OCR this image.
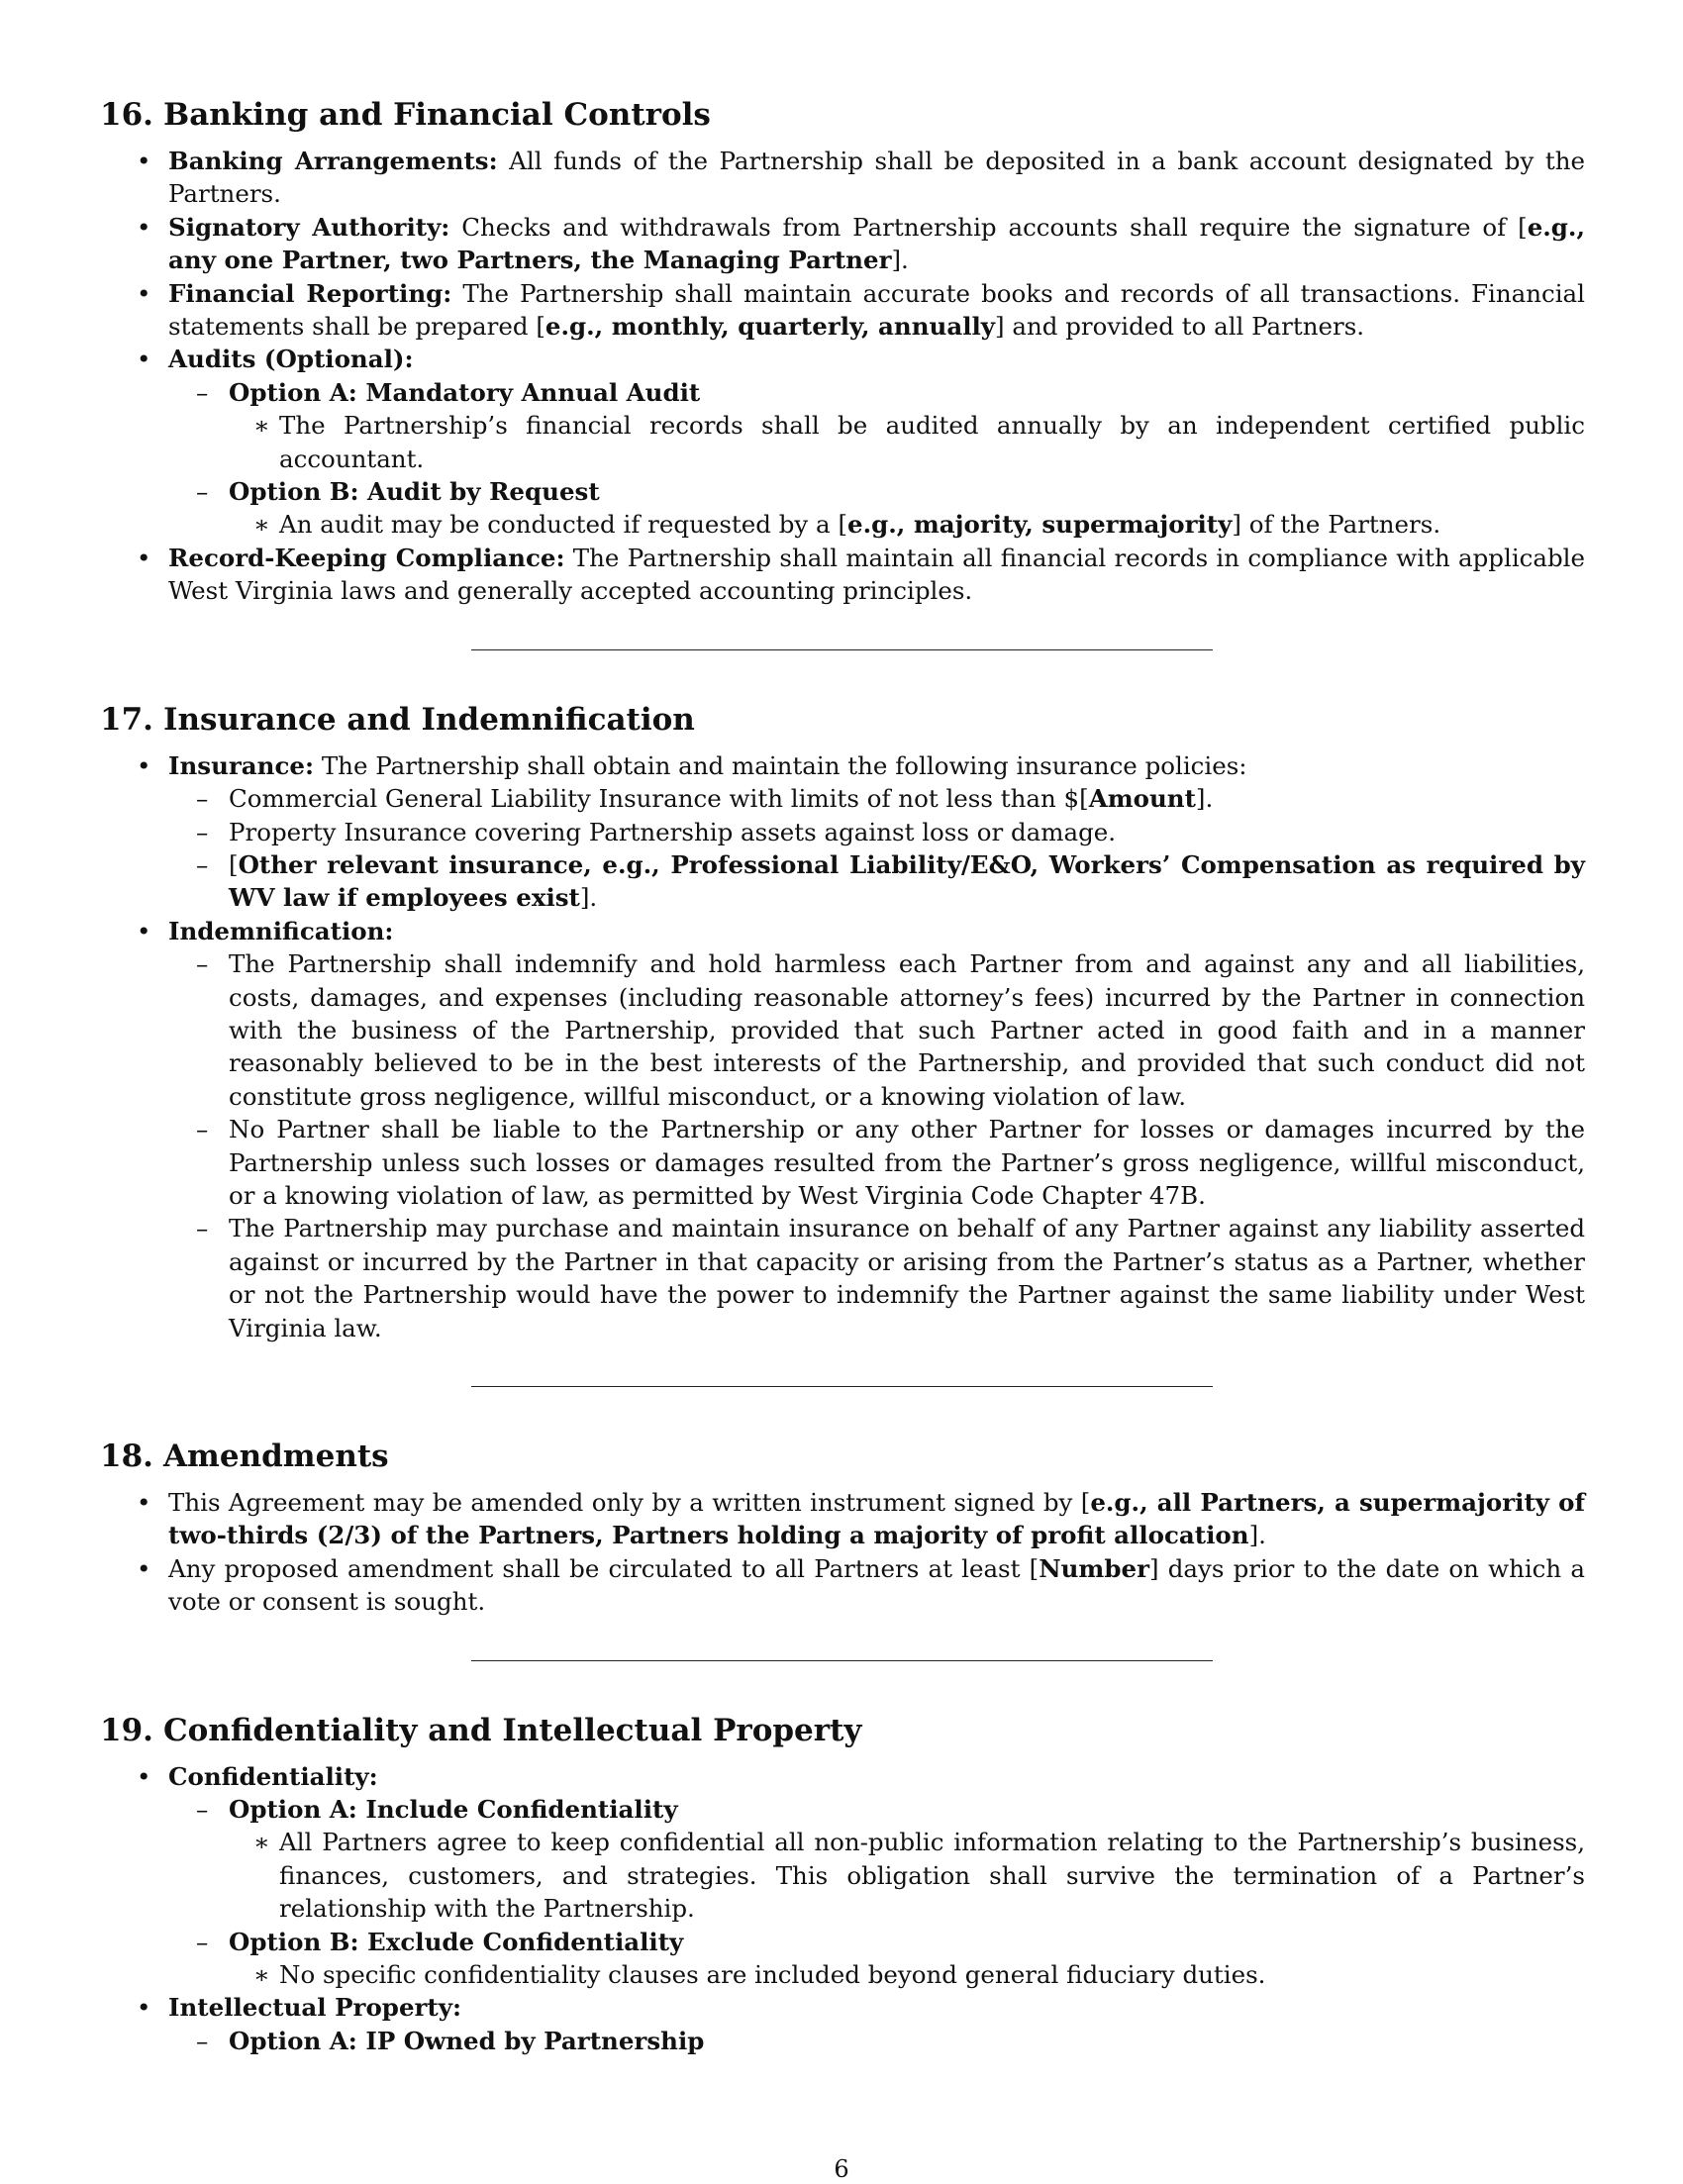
16. Banking and Financial Controls
• Banking Arrangements: All funds of the Partnership shall be deposited in a bank account designated by the Partners.
• Signatory Authority: Checks and withdrawals from Partnership accounts shall require the signature of [e.g., any one Partner, two Partners, the Managing Partner].
• Financial Reporting: The Partnership shall maintain accurate books and records of all transactions. Financial statements shall be prepared [e.g., monthly, quarterly, annually] and provided to all Partners.
• Audits (Optional):
– Option A: Mandatory Annual Audit
∗ The Partnership’s financial records shall be audited annually by an independent certified public accountant.
– Option B: Audit by Request
∗ An audit may be conducted if requested by a [e.g., majority, supermajority] of the Partners.
• Record-Keeping Compliance: The Partnership shall maintain all financial records in compliance with applicable West Virginia laws and generally accepted accounting principles.
17. Insurance and Indemnification
• Insurance: The Partnership shall obtain and maintain the following insurance policies:
– Commercial General Liability Insurance with limits of not less than $[Amount].
– Property Insurance covering Partnership assets against loss or damage.
– [Other relevant insurance, e.g., Professional Liability/E&O, Workers’ Compensation as required by WV law if employees exist].
• Indemnification:
– The Partnership shall indemnify and hold harmless each Partner from and against any and all liabilities, costs, damages, and expenses (including reasonable attorney’s fees) incurred by the Partner in connection with the business of the Partnership, provided that such Partner acted in good faith and in a manner reasonably believed to be in the best interests of the Partnership, and provided that such conduct did not constitute gross negligence, willful misconduct, or a knowing violation of law.
– No Partner shall be liable to the Partnership or any other Partner for losses or damages incurred by the Partnership unless such losses or damages resulted from the Partner’s gross negligence, willful misconduct, or a knowing violation of law, as permitted by West Virginia Code Chapter 47B.
– The Partnership may purchase and maintain insurance on behalf of any Partner against any liability asserted against or incurred by the Partner in that capacity or arising from the Partner’s status as a Partner, whether or not the Partnership would have the power to indemnify the Partner against the same liability under West Virginia law.
18. Amendments
• This Agreement may be amended only by a written instrument signed by [e.g., all Partners, a supermajority of two-thirds (2/3) of the Partners, Partners holding a majority of profit allocation].
• Any proposed amendment shall be circulated to all Partners at least [Number] days prior to the date on which a vote or consent is sought.
19. Confidentiality and Intellectual Property
• Confidentiality:
– Option A: Include Confidentiality
∗ All Partners agree to keep confidential all non-public information relating to the Partnership’s business, finances, customers, and strategies. This obligation shall survive the termination of a Partner’s relationship with the Partnership.
– Option B: Exclude Confidentiality
∗ No specific confidentiality clauses are included beyond general fiduciary duties.
• Intellectual Property:
– Option A: IP Owned by Partnership
6
